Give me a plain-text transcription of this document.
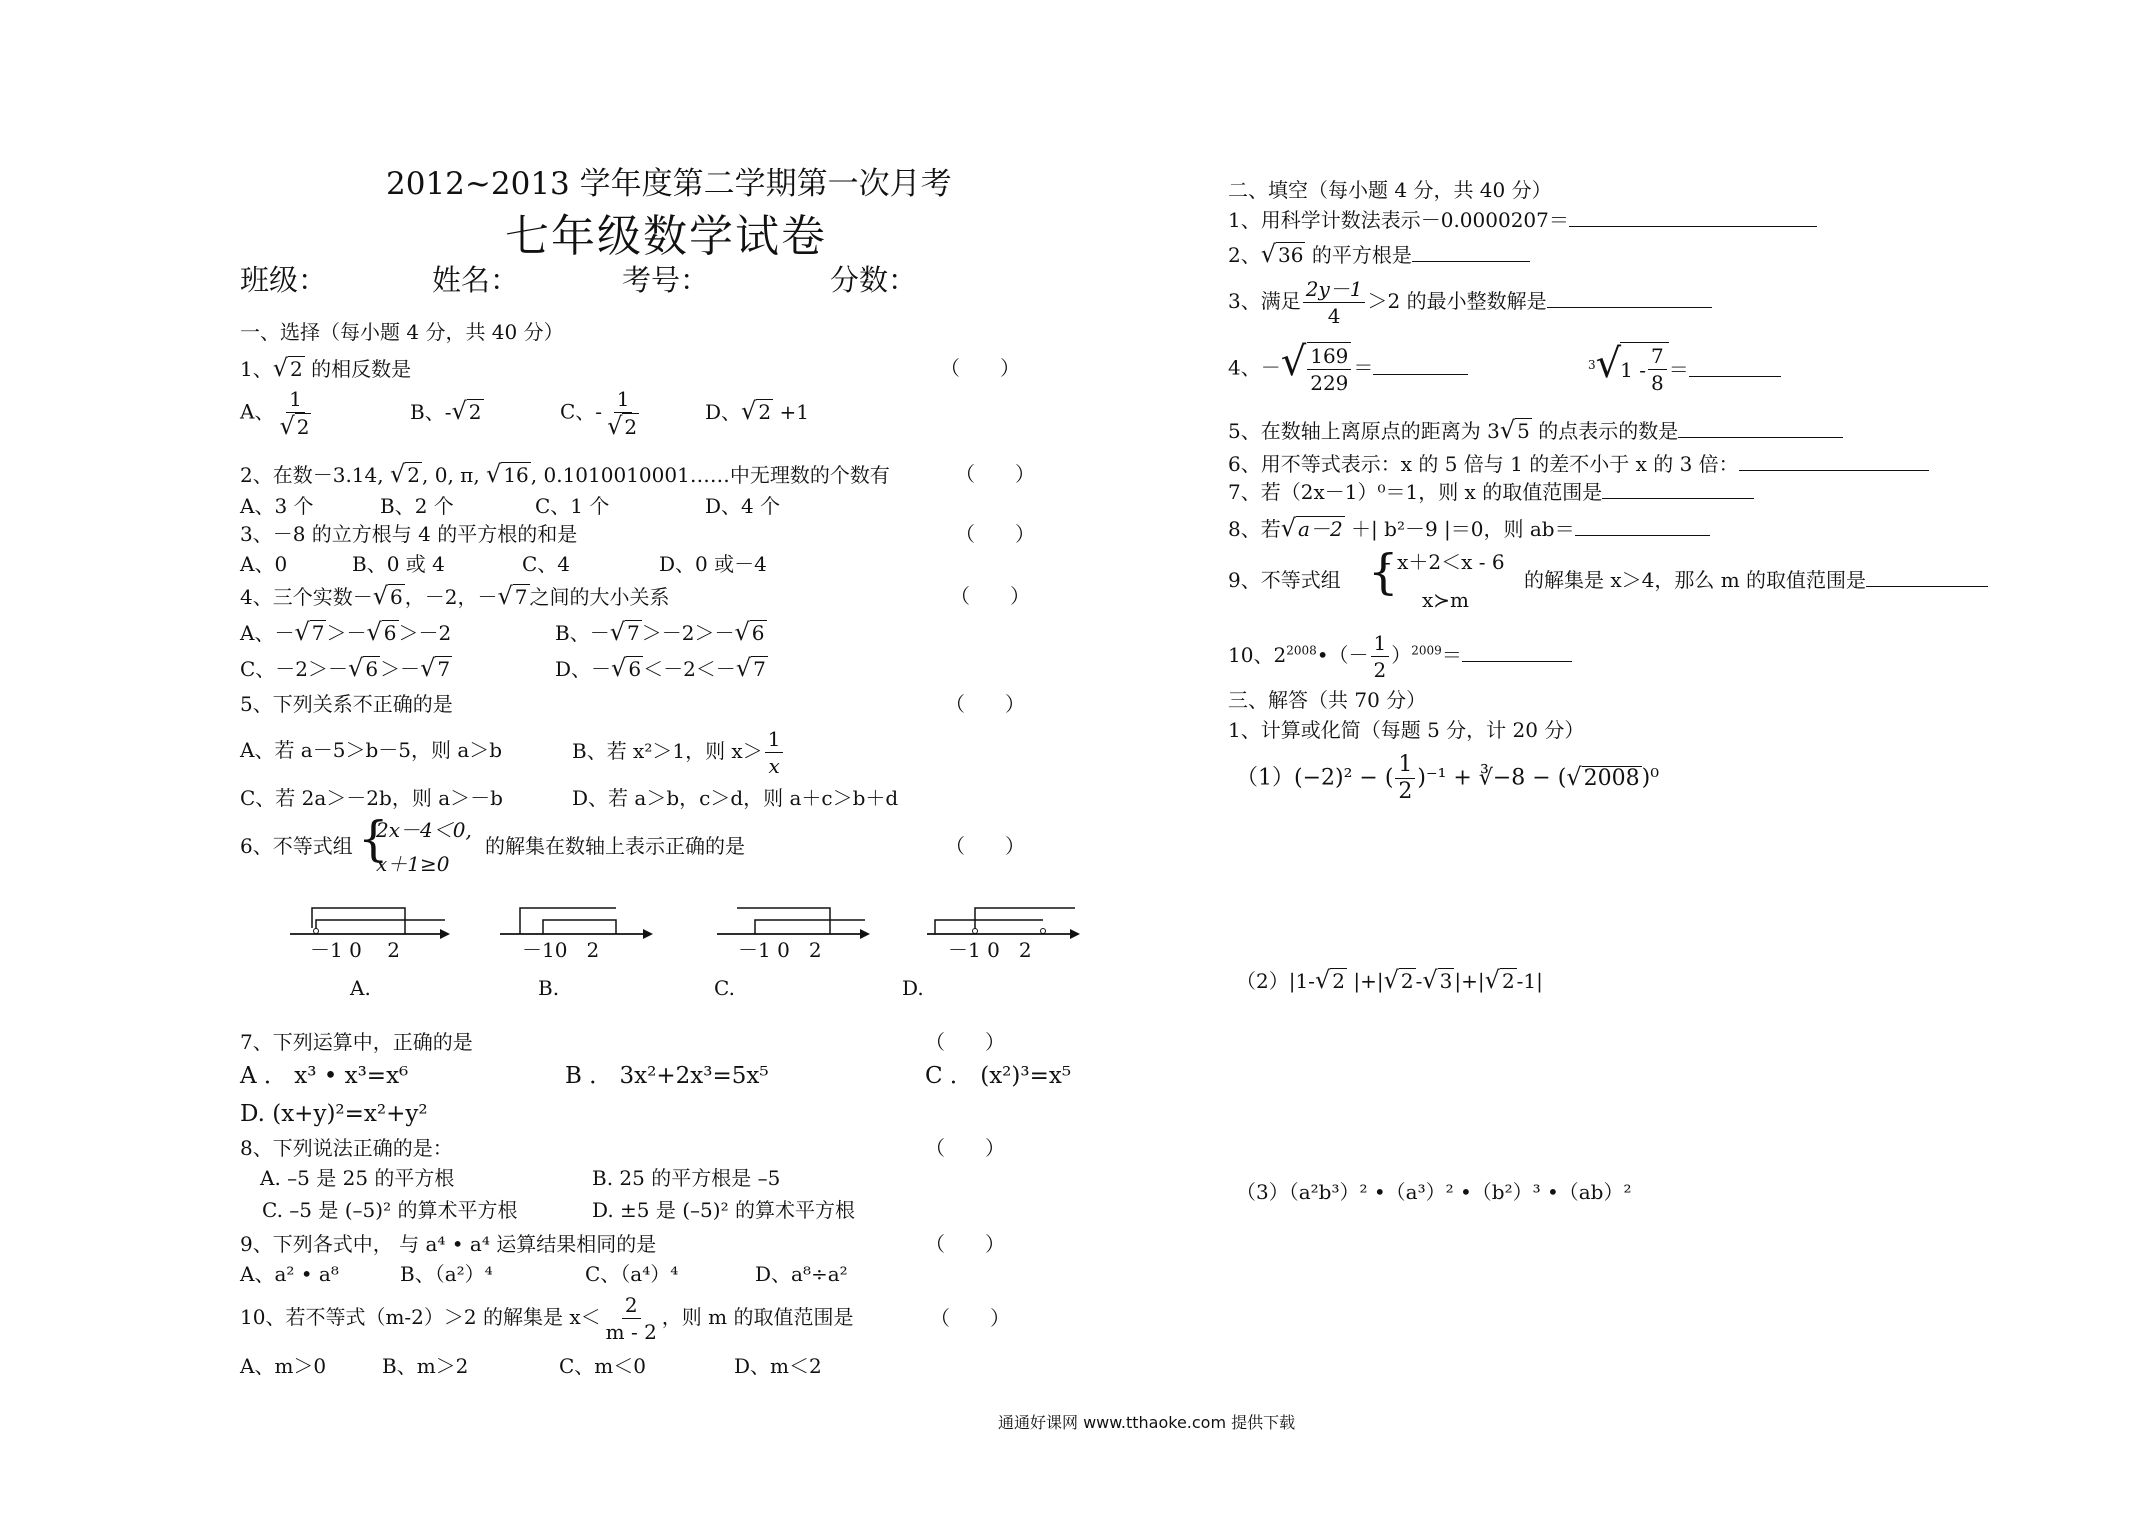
2012~2013 学年度第二学期第一次月考
七年级数学试卷
班级：	姓名：	考号：	分数：
一、选择（每小题 4 分，共 40 分）
1、√ 2 的相反数是	（　　）
A、 $\frac{1}{√ 2}$	B、-√ 2	C、- $\frac{1}{√ 2}$	D、√ 2 +1
2、在数－3.14, √ 2 , 0, π, √ 16 , 0.1010010001……中无理数的个数有	（　　）
A、3 个	B、2 个	C、1 个	D、4 个
3、－8 的立方根与 4 的平方根的和是	（　　）
A、0	B、0 或 4	C、4	D、0 或－4
4、三个实数－√ 6 ，－2，－√ 7 之间的大小关系	（　　）
A、－√ 7 ＞－√ 6 ＞－2	B、－√ 7 ＞－2＞－√ 6
C、－2＞－√ 6 ＞－√ 7	D、－√ 6 ＜－2＜－√ 7
5、下列关系不正确的是	（　　）
A、若 a－5＞b－5，则 a＞b	B、若 x²＞1，则 $x> \frac{1}{x}$
C、若 2a＞－2b，则 a＞－b	D、若 a＞b，c＞d，则 a＋c＞b＋d
6、不等式组 {
2x－4＜0,
x＋1≥0
的解集在数轴上表示正确的是	（　　）
－1 0 2
A.
－10 2
B.
－1 0 2
C.
－1 0 2
D.
7、下列运算中，正确的是	（　　）
A ． x³ • x³=x⁶	B ． 3x²+2x³=5x⁵	C ． (x²)³=x⁵
D. (x+y)²=x²+y²
8、下列说法正确的是：	（　　）
A. –5 是 25 的平方根	B. 25 的平方根是 –5
C. –5 是 (–5)² 的算术平方根	D. ±5 是 (–5)² 的算术平方根
9、下列各式中， 与 a⁴ • a⁴ 运算结果相同的是	（　　）
A、a² • a⁸	B、（a²）⁴	C、（a⁴）⁴	D、a⁸÷a²
10、若不等式（m-2）＞2 的解集是 $x< \frac{2}{m - 2}$ ，则 m 的取值范围是	（　　）
A、m＞0	B、m＞2	C、m＜0	D、m＜2
二、填空（每小题 4 分，共 40 分）
1、用科学计数法表示－0.0000207＝
2、√ 36 的平方根是
3、满足 $\frac{2y-1}{4} >2$ 的最小整数解是
4、－√ $\frac{169}{229}$ ＝	$^3$√ $1 - \frac{7}{8}$ ＝
5、在数轴上离原点的距离为 3√ 5 的点表示的数是
6、用不等式表示：x 的 5 倍与 1 的差不小于 x 的 3 倍：
7、若（2x－1）⁰＝1，则 x 的取值范围是
8、若√ a－2 ＋| b²－9 |＝0，则 ab＝
9、不等式组 {
- x＋2＜x - 6
x≻m
的解集是 x＞4，那么 m 的取值范围是
10、$2^{2008}•(- \frac{1}{2} )^{2009}=$
三、解答（共 70 分）
1、计算或化简（每题 5 分，计 20 分）
（1）(−2)² − ( $\frac{1}{2} )^{-1}$ + ∛−8 − (√2008)⁰
（2）|1-√ 2 |+|√ 2 -√ 3 |+|√ 2 -1|
（3）（a²b³）² •（a³）² •（b²）³ •（ab）²
通通好课网 www.tthaoke.com 提供下载
